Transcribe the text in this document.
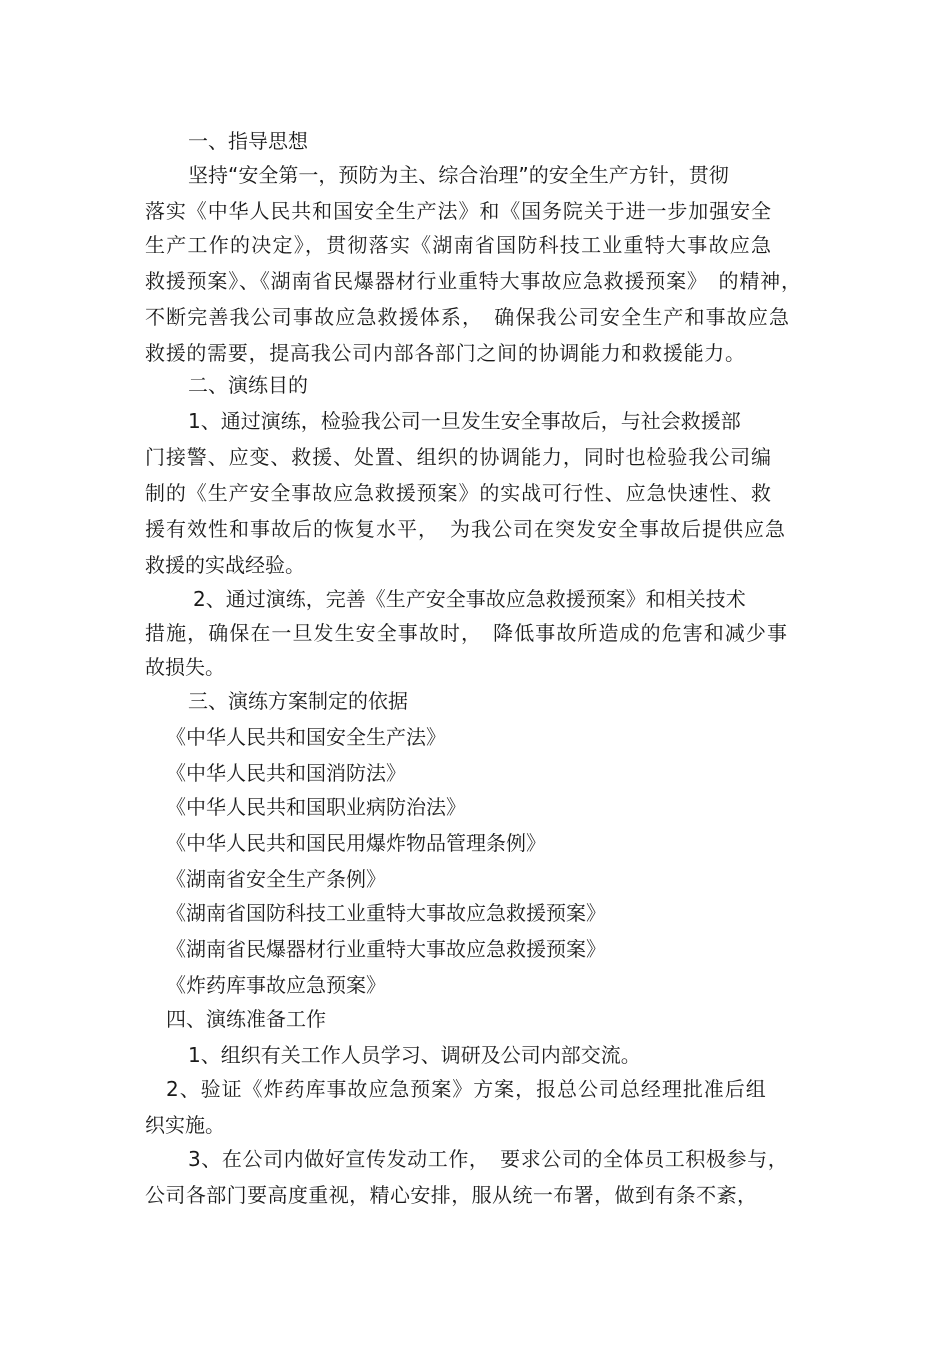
一、指导思想
坚持“安全第一，预防为主、综合治理”的安全生产方针，贯彻
落实《中华人民共和国安全生产法》和《国务院关于进一步加强安全
生产工作的决定》，贯彻落实《湖南省国防科技工业重特大事故应急
救援预案》、《湖南省民爆器材行业重特大事故应急救援预案》　的精神，
不断完善我公司事故应急救援体系，　确保我公司安全生产和事故应急
救援的需要，提高我公司内部各部门之间的协调能力和救援能力。
二、演练目的
1、通过演练，检验我公司一旦发生安全事故后，与社会救援部
门接警、应变、救援、处置、组织的协调能力，同时也检验我公司编
制的《生产安全事故应急救援预案》的实战可行性、应急快速性、救
援有效性和事故后的恢复水平，　为我公司在突发安全事故后提供应急
救援的实战经验。
2、通过演练，完善《生产安全事故应急救援预案》和相关技术
措施，确保在一旦发生安全事故时，　降低事故所造成的危害和减少事
故损失。
三、演练方案制定的依据
《中华人民共和国安全生产法》
《中华人民共和国消防法》
《中华人民共和国职业病防治法》
《中华人民共和国民用爆炸物品管理条例》
《湖南省安全生产条例》
《湖南省国防科技工业重特大事故应急救援预案》
《湖南省民爆器材行业重特大事故应急救援预案》
《炸药库事故应急预案》
四、演练准备工作
1、组织有关工作人员学习、调研及公司内部交流。
2、验证《炸药库事故应急预案》方案，报总公司总经理批准后组
织实施。
3、在公司内做好宣传发动工作，　要求公司的全体员工积极参与，
公司各部门要高度重视，精心安排，服从统一布署，做到有条不紊，
